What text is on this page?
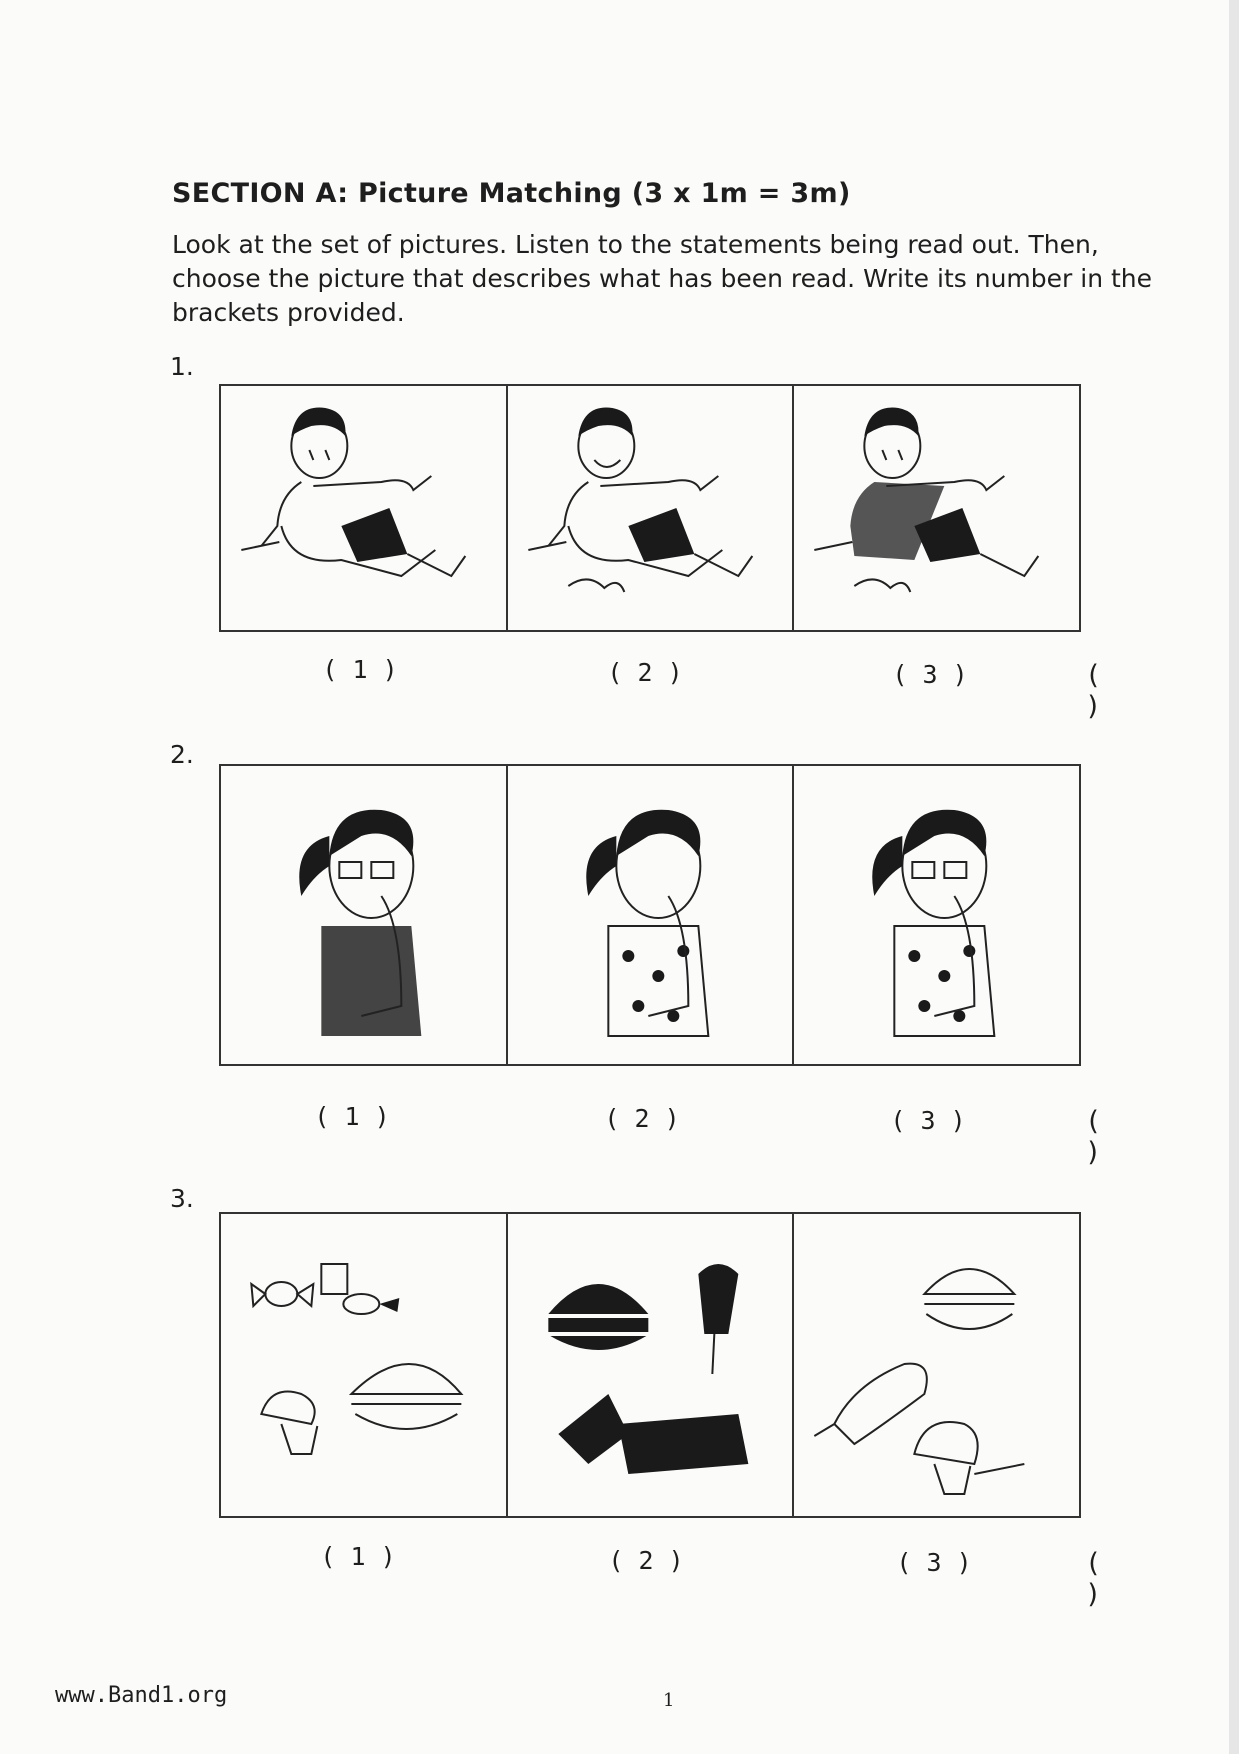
SECTION A: Picture Matching (3 x 1m = 3m)
Look at the set of pictures. Listen to the statements being read out. Then, choose the picture that describes what has been read. Write its number in the brackets provided.
1.
( 1 )	( 2 )	( 3 )	( )
2.
( 1 )	( 2 )	( 3 )	( )
3.
( 1 )	( 2 )	( 3 )	( )
www.Band1.org	1
